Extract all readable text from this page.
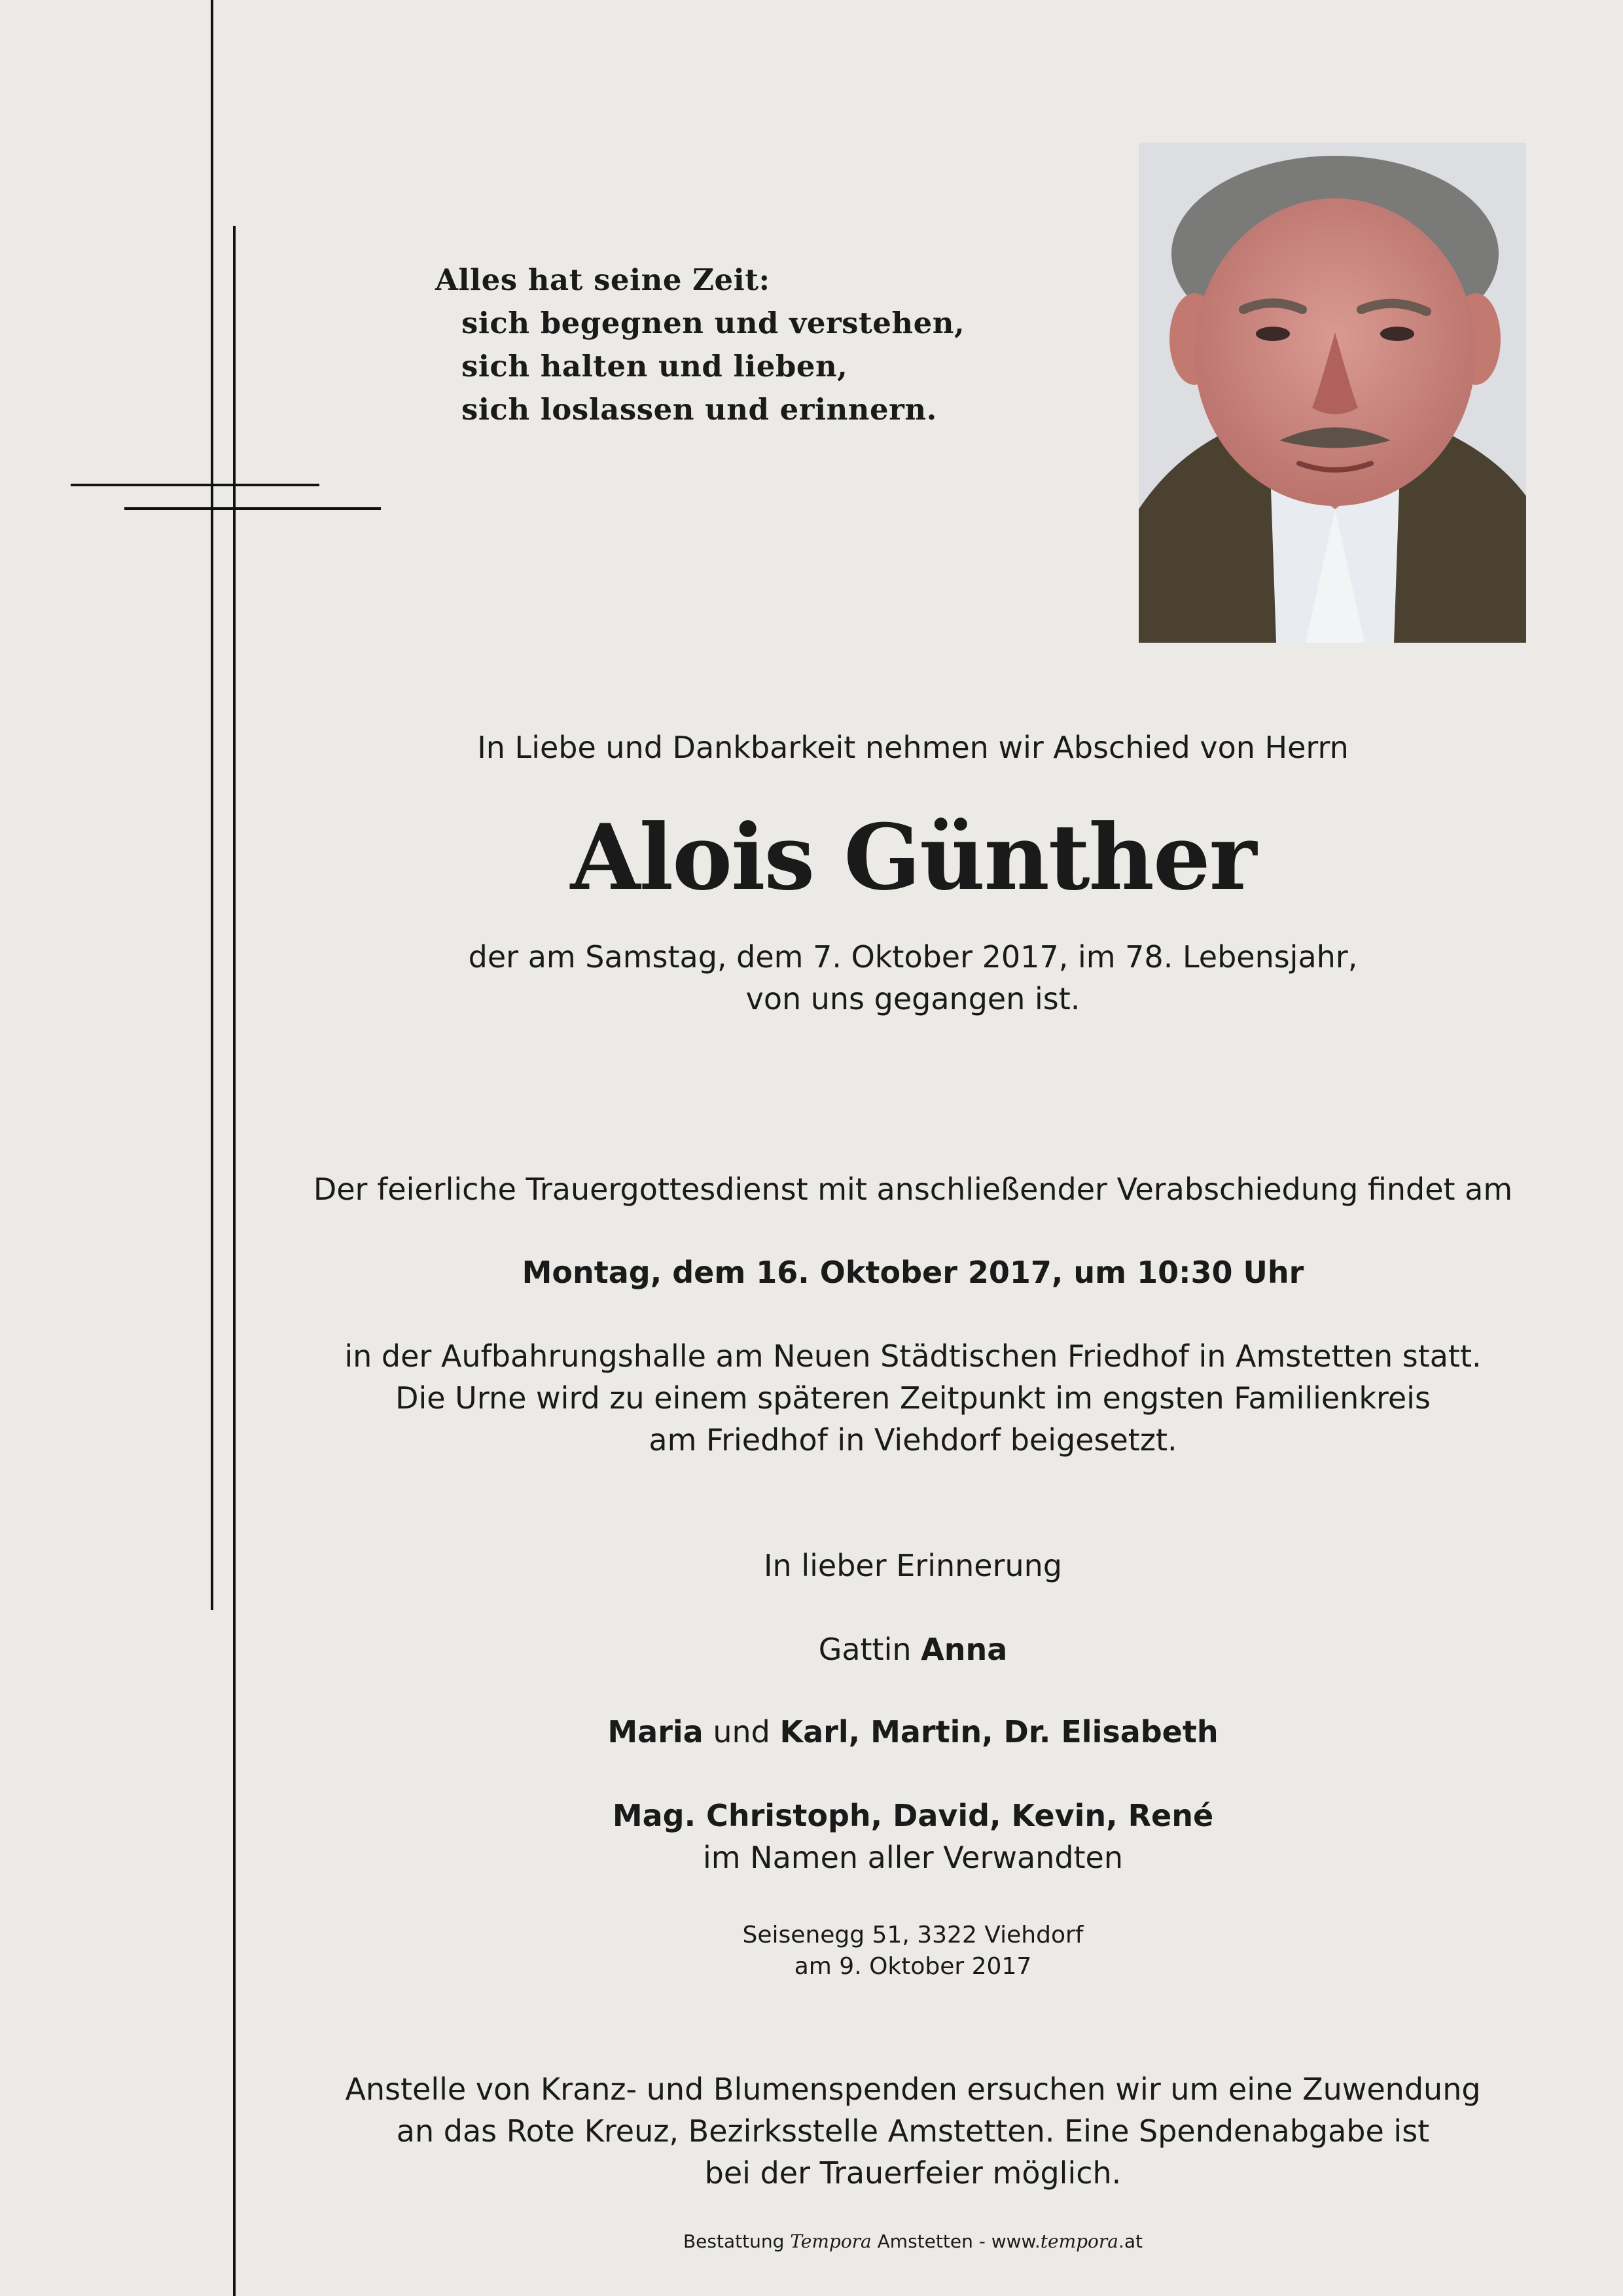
Alles hat seine Zeit:
sich begegnen und verstehen,
sich halten und lieben,
sich loslassen und erinnern.
In Liebe und Dankbarkeit nehmen wir Abschied von Herrn
Alois Günther
der am Samstag, dem 7. Oktober 2017, im 78. Lebensjahr,
von uns gegangen ist.
Der feierliche Trauergottesdienst mit anschließender Verabschiedung findet am
Montag, dem 16. Oktober 2017, um 10:30 Uhr
in der Aufbahrungshalle am Neuen Städtischen Friedhof in Amstetten statt.
Die Urne wird zu einem späteren Zeitpunkt im engsten Familienkreis
am Friedhof in Viehdorf beigesetzt.
In lieber Erinnerung
Gattin Anna
Maria und Karl, Martin, Dr. Elisabeth
Mag. Christoph, David, Kevin, René
im Namen aller Verwandten
Seisenegg 51, 3322 Viehdorf
am 9. Oktober 2017
Anstelle von Kranz- und Blumenspenden ersuchen wir um eine Zuwendung
an das Rote Kreuz, Bezirksstelle Amstetten. Eine Spendenabgabe ist
bei der Trauerfeier möglich.
Bestattung Tempora Amstetten - www.tempora.at
